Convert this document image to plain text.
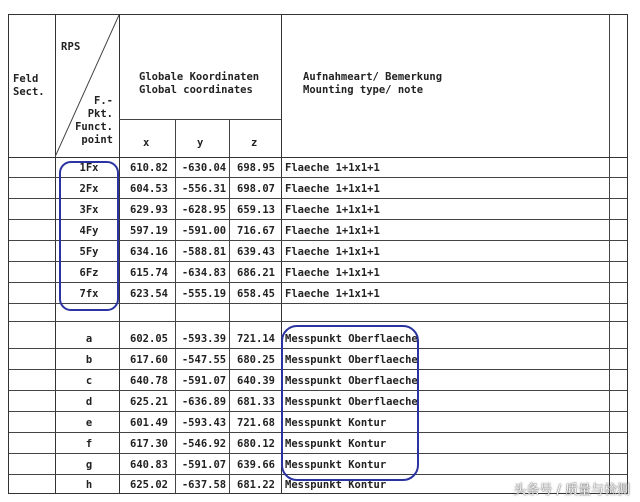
Feld
Sect.
RPS
F.-
Pkt.
Funct.
point
Globale Koordinaten
Global coordinates
x	y	z
Aufnahmeart/ Bemerkung
Mounting type/ note
1Fx	610.82	-630.04	698.95 Flaeche 1+1x1+1
2Fx	604.53	-556.31	698.07 Flaeche 1+1x1+1
3Fx	629.93	-628.95	659.13 Flaeche 1+1x1+1
4Fy	597.19	-591.00	716.67 Flaeche 1+1x1+1
5Fy	634.16	-588.81	639.43 Flaeche 1+1x1+1
6Fz	615.74	-634.83	686.21 Flaeche 1+1x1+1
7fx	623.54	-555.19	658.45 Flaeche 1+1x1+1
a	602.05	-593.39	721.14 Messpunkt Oberflaeche
b	617.60	-547.55	680.25 Messpunkt Oberflaeche
c	640.78	-591.07	640.39 Messpunkt Oberflaeche
d	625.21	-636.89	681.33 Messpunkt Oberflaeche
e	601.49	-593.43	721.68 Messpunkt Kontur
f	617.30	-546.92	680.12 Messpunkt Kontur
g	640.83	-591.07	639.66 Messpunkt Kontur
h	625.02	-637.58	681.22 Messpunkt Kontur	头条号 / 质量与检测
